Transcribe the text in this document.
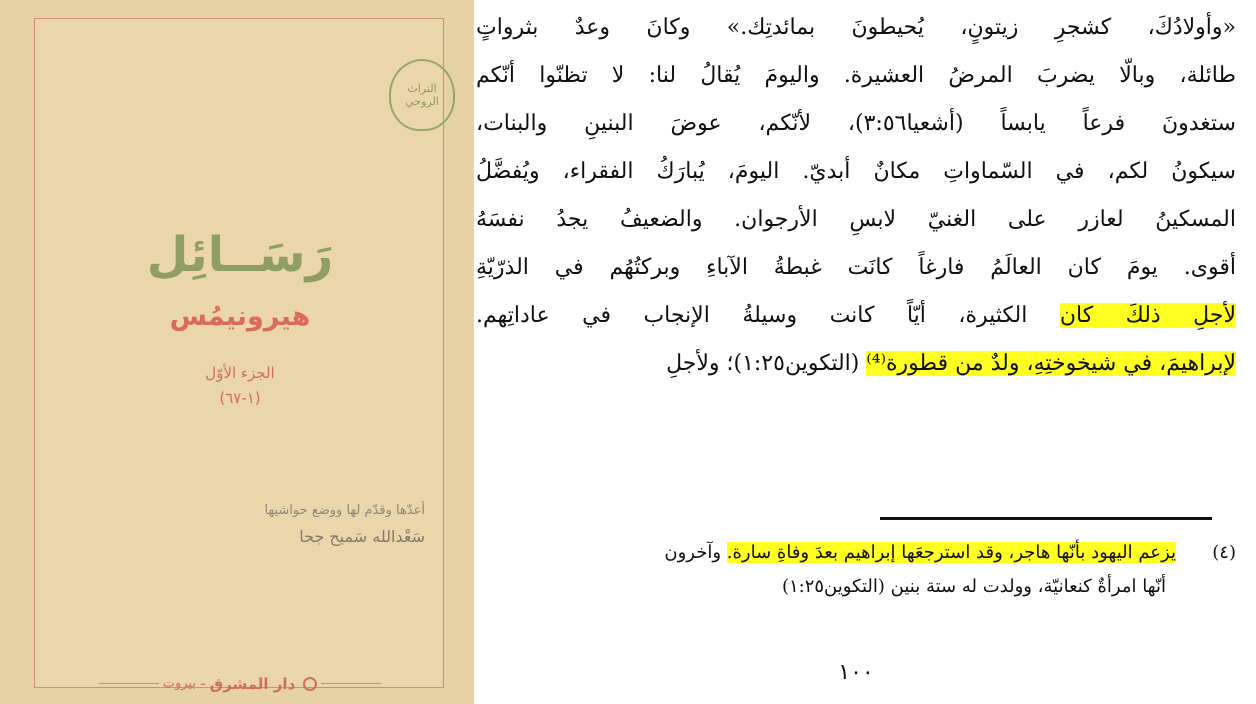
التراث الروحي
رَسَــائِل
هيرونيمُس
الجزء الأوّل
(١-٦٧)
أعدّها وقدّم لها ووضع حواشيها
سَعْدالله سَميح جحا
دار المشرق
-
بيروت
«وأولادُكَ، كشجرِ زيتونٍ، يُحيطونَ بمائدتِك.» وكانَ وعدٌ بثرواتٍ
طائلة، وبالّا يضربَ المرضُ العشيرة. واليومَ يُقالُ لنا: لا تظنّوا أنّكم
ستغدونَ فرعاً يابساً (أشعيا٣:٥٦)، لأنّكم، عوضَ البنينِ والبنات،
سيكونُ لكم، في السّماواتِ مكانٌ أبديّ. اليومَ، يُبارَكُ الفقراء، ويُفضَّلُ
المسكينُ لعازر على الغنيّ لابسِ الأرجوان. والضعيفُ يجدُ نفسَهُ
أقوى. يومَ كان العالَمُ فارغاً كانَت غبطةُ الآباءِ وبركتُهُم في الذرّيّةِ
لأجلِ ذلكَ كان الكثيرة، أيّاً كانت وسيلةُ الإنجاب في عاداتِهم.
لإبراهيمَ، في شيخوختِهِ، ولدٌ من قطورة⁽⁴⁾ (التكوين١:٢٥)؛ ولأجلِ
(٤)
يزعم اليهود بأنّها هاجر، وقد استرجعَها إبراهيم بعدَ وفاةِ سارة. وآخرون
أنّها امرأةٌ كنعانيّة، وولدت له ستة بنين (التكوين١:٢٥)
١٠٠
